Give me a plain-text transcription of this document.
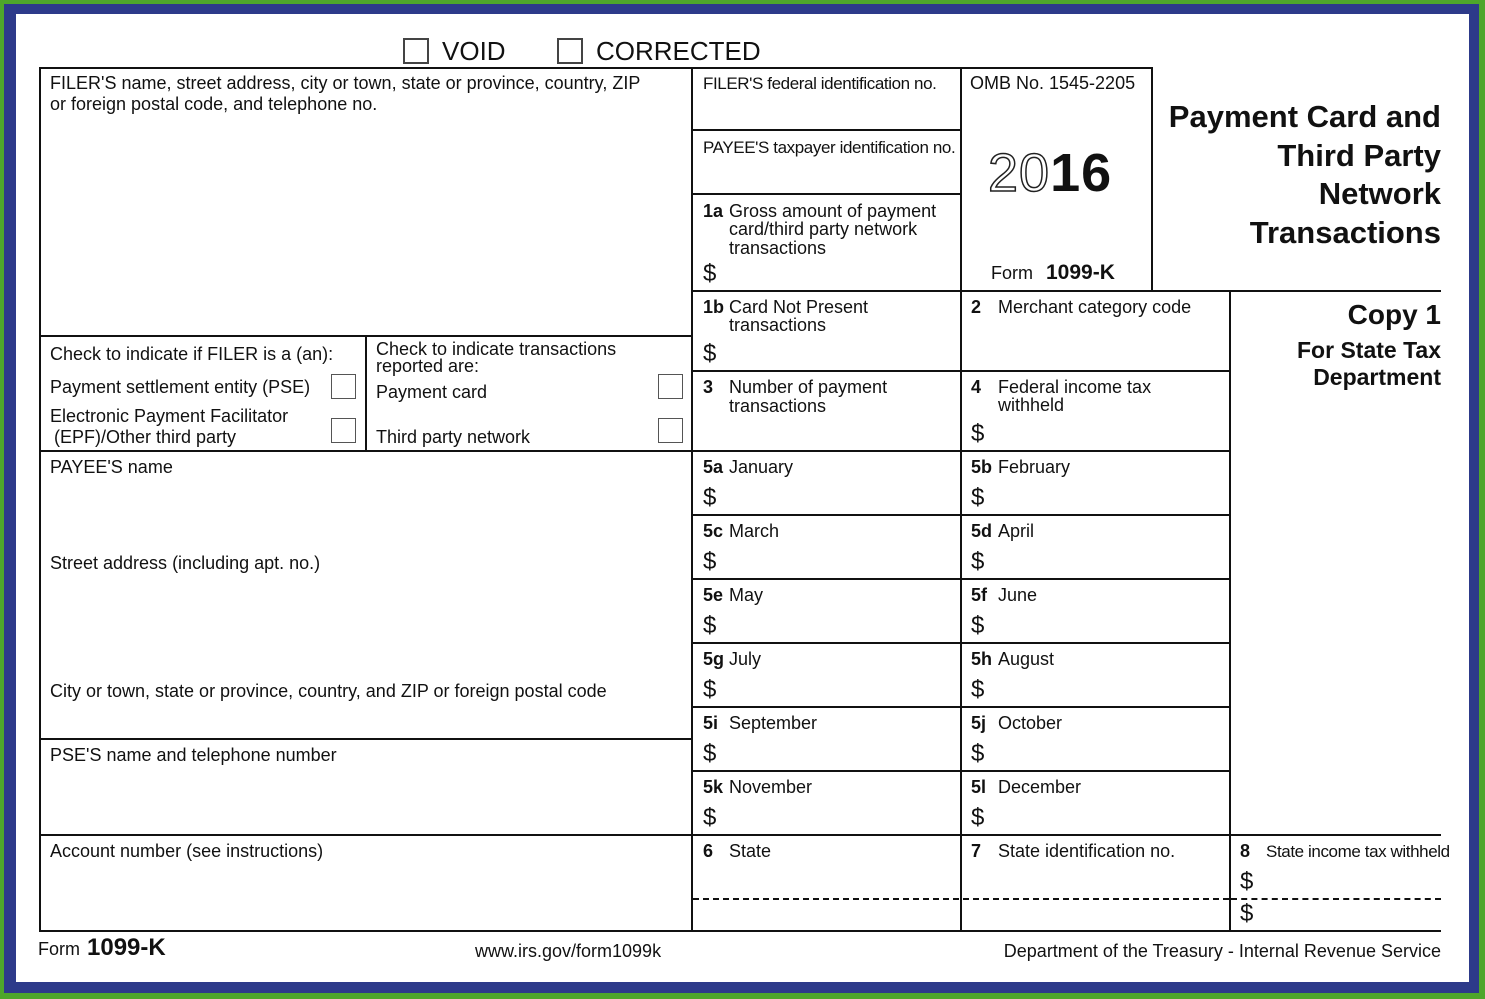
VOID	CORRECTED
FILER'S name, street address, city or town, state or province, country, ZIP
or foreign postal code, and telephone no.
FILER'S federal identification no.
PAYEE'S taxpayer identification no.
1a Gross amount of payment
card/third party network
transactions
$
OMB No. 1545-2205
2016
Form 1099-K
Payment Card and
Third Party
Network
Transactions
Copy 1
For State Tax
Department
Check to indicate if FILER is a (an):
Payment settlement entity (PSE)
Electronic Payment Facilitator
(EPF)/Other third party
Check to indicate transactions
reported are:
Payment card
Third party network
1b Card Not Present
transactions
$
2 Merchant category code
3 Number of payment
transactions
4 Federal income tax
withheld
$
5a January
$
5b February
$
5c March
$
5d April
$
5e May
$
5f June
$
5g July
$
5h August
$
5i September
$
5j October
$
5k November
$
5l December
$
PAYEE'S name
Street address (including apt. no.)
City or town, state or province, country, and ZIP or foreign postal code
PSE'S name and telephone number
Account number (see instructions)	6 State	7 State identification no.	8 State income tax withheld
$
$
Form 1099-K	www.irs.gov/form1099k	Department of the Treasury - Internal Revenue Service
